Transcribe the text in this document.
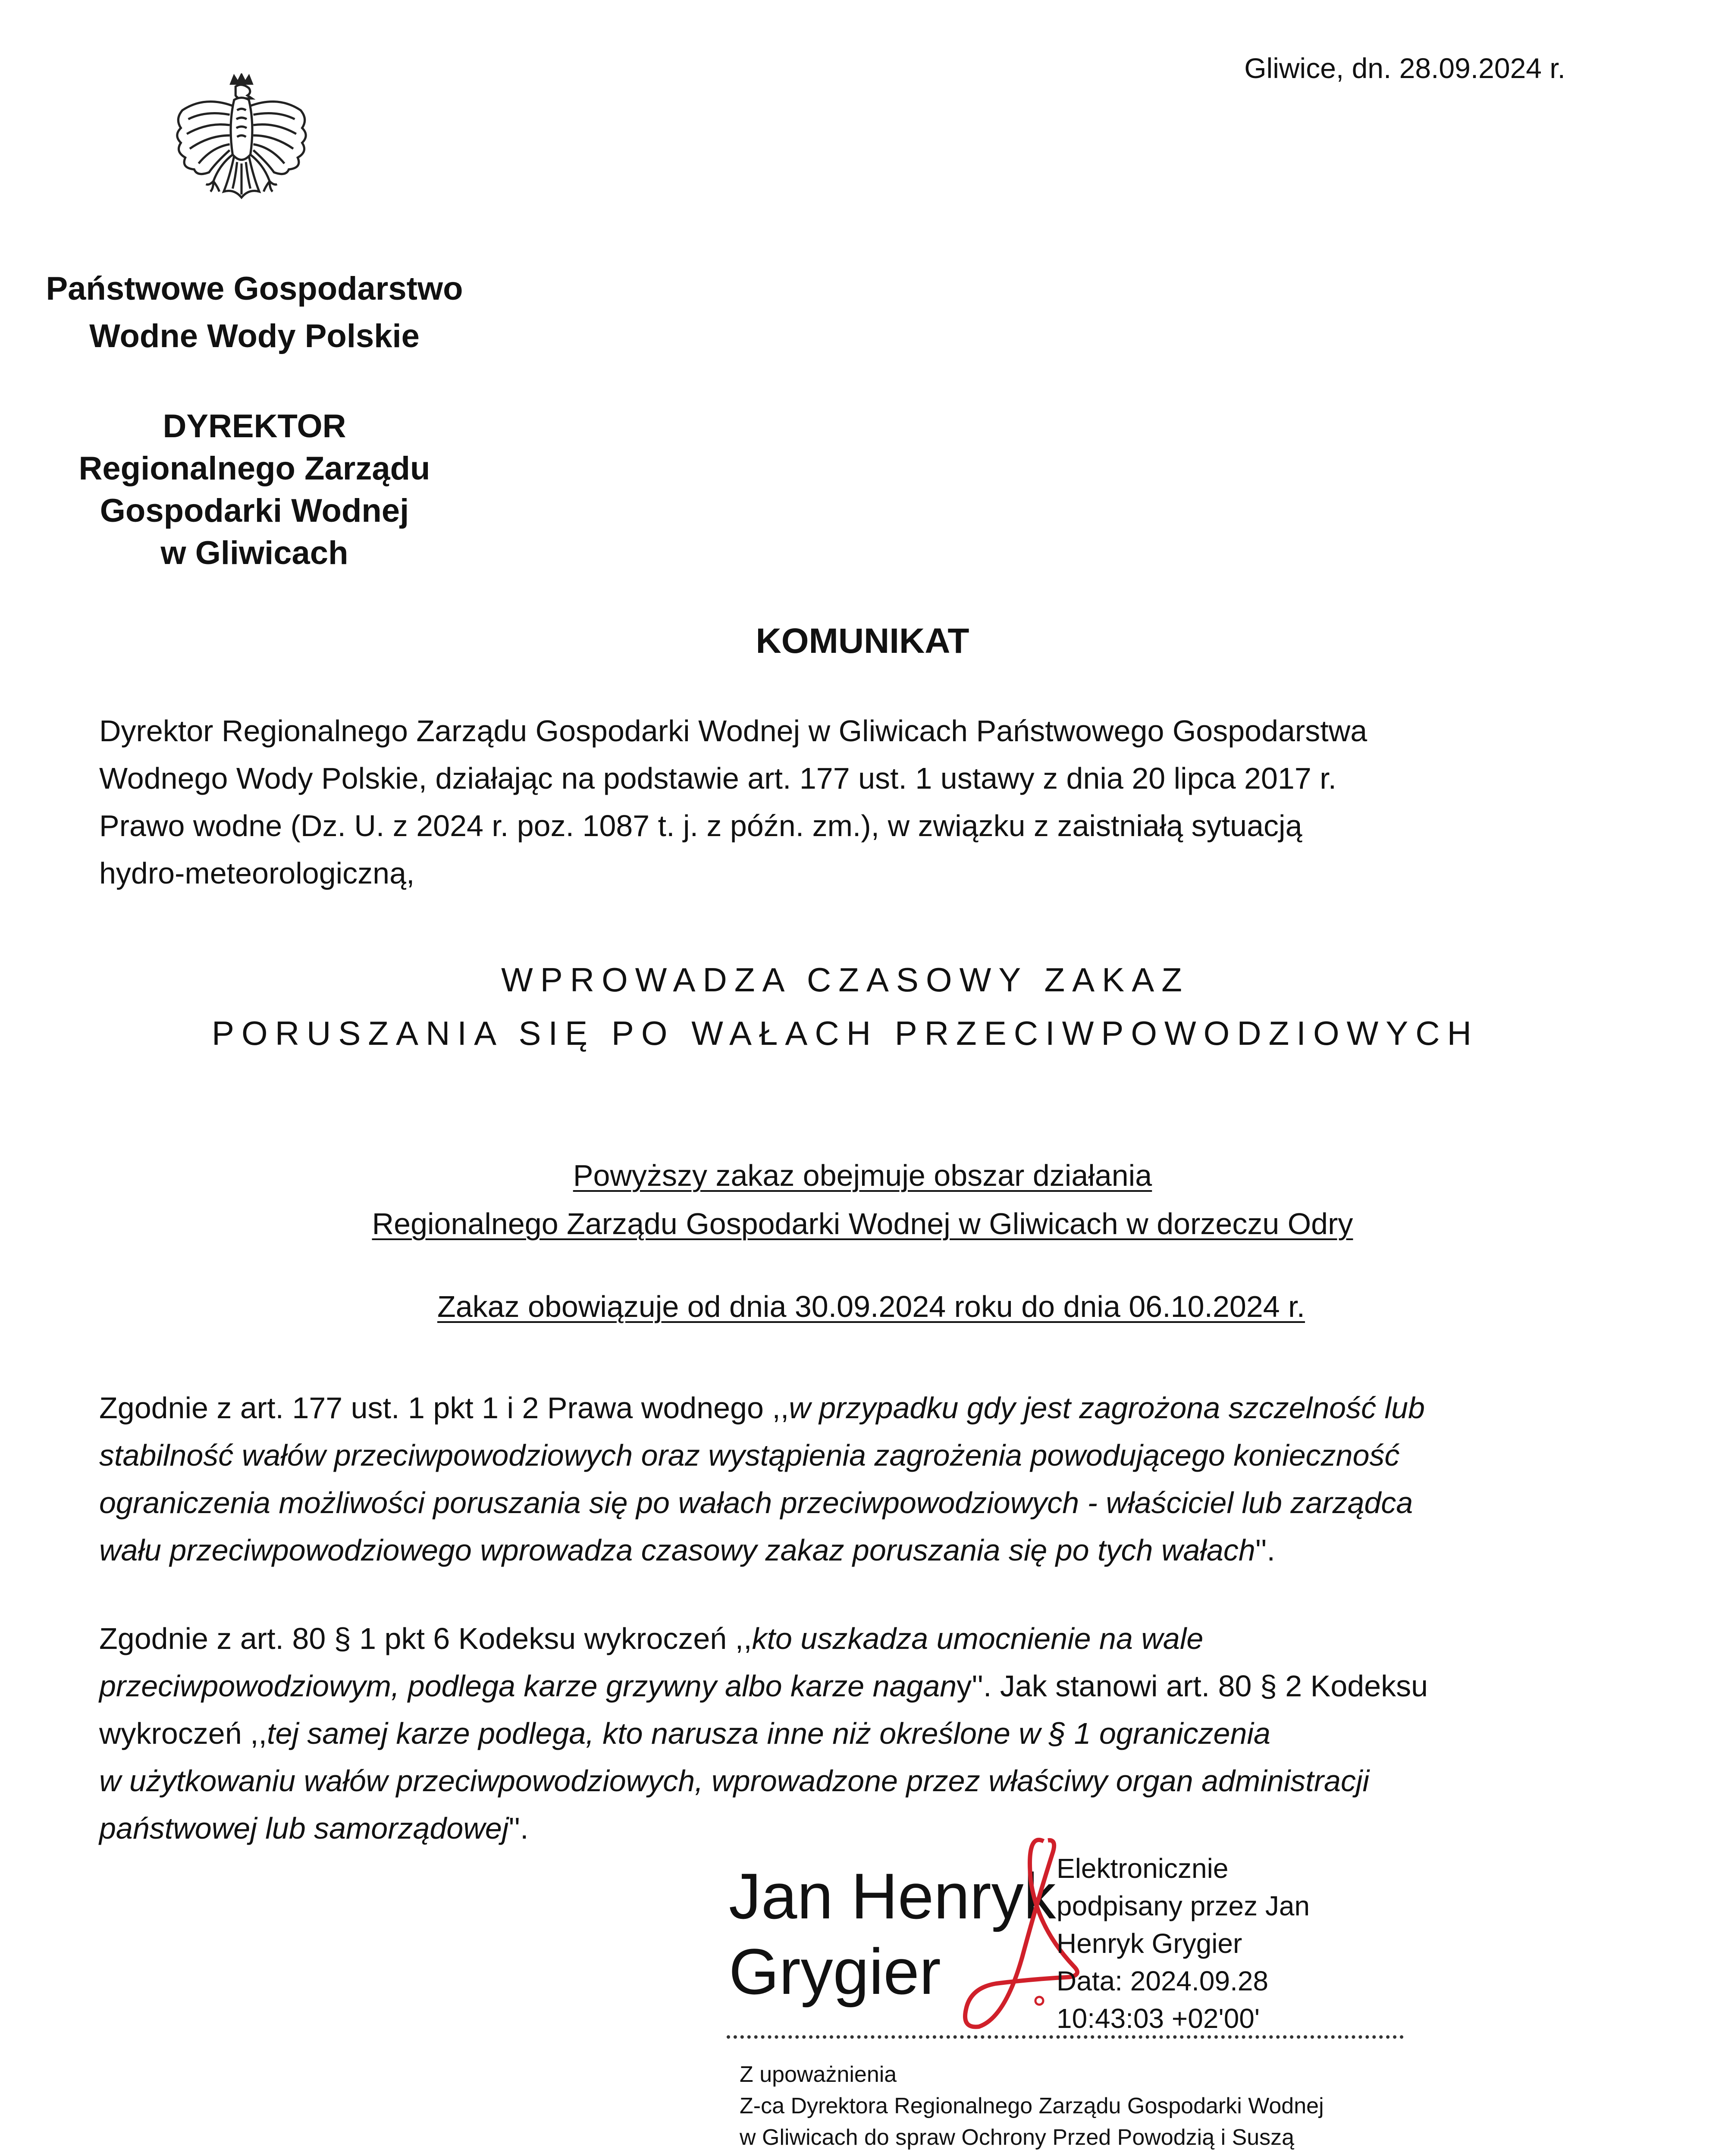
Gliwice, dn. 28.09.2024 r.
Państwowe Gospodarstwo
Wodne Wody Polskie
DYREKTOR
Regionalnego Zarządu
Gospodarki Wodnej
w Gliwicach
KOMUNIKAT
Dyrektor Regionalnego Zarządu Gospodarki Wodnej w Gliwicach Państwowego Gospodarstwa
Wodnego Wody Polskie, działając na podstawie art. 177 ust. 1 ustawy z dnia 20 lipca 2017 r.
Prawo wodne (Dz. U. z 2024 r. poz. 1087 t. j. z późn. zm.), w związku z zaistniałą sytuacją
hydro-meteorologiczną,
WPROWADZA CZASOWY ZAKAZ
PORUSZANIA SIĘ PO WAŁACH PRZECIWPOWODZIOWYCH
Powyższy zakaz obejmuje obszar działania
Regionalnego Zarządu Gospodarki Wodnej w Gliwicach w dorzeczu Odry
Zakaz obowiązuje od dnia 30.09.2024 roku do dnia 06.10.2024 r.
Zgodnie z art. 177 ust. 1 pkt 1 i 2 Prawa wodnego ,,w przypadku gdy jest zagrożona szczelność lub
stabilność wałów przeciwpowodziowych oraz wystąpienia zagrożenia powodującego konieczność
ograniczenia możliwości poruszania się po wałach przeciwpowodziowych - właściciel lub zarządca
wału przeciwpowodziowego wprowadza czasowy zakaz poruszania się po tych wałach''.
Zgodnie z art. 80 § 1 pkt 6 Kodeksu wykroczeń ,,kto uszkadza umocnienie na wale
przeciwpowodziowym, podlega karze grzywny albo karze nagany''. Jak stanowi art. 80 § 2 Kodeksu
wykroczeń ,,tej samej karze podlega, kto narusza inne niż określone w § 1 ograniczenia
w użytkowaniu wałów przeciwpowodziowych, wprowadzone przez właściwy organ administracji
państwowej lub samorządowej''.
Jan Henryk
Grygier
Elektronicznie
podpisany przez Jan
Henryk Grygier
Data: 2024.09.28
10:43:03 +02'00'
Z upoważnienia
Z-ca Dyrektora Regionalnego Zarządu Gospodarki Wodnej
w Gliwicach do spraw Ochrony Przed Powodzią i Suszą
